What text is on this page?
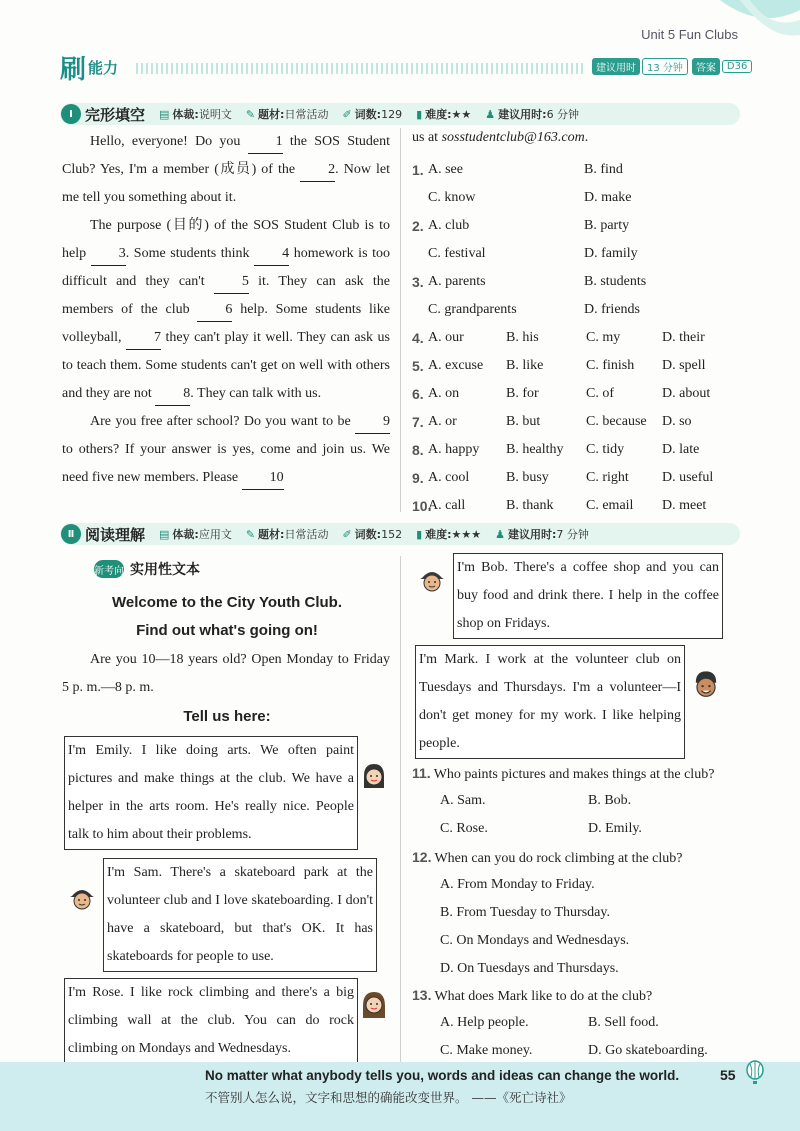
Unit 5 Fun Clubs
刷 能力	建议用时	13 分钟	答案	D36
Ⅰ 完形填空 ▤ 体裁:说明文 ✎ 题材:日常活动 ✐ 词数:129 ▮ 难度:★★ ♟ 建议用时:6 分钟

Hello, everyone! Do you 1 the SOS Student Club? Yes, I'm a member (成员) of the 2. Now let me tell you something about it.

The purpose (目的) of the SOS Student Club is to help 3. Some students think 4 homework is too difficult and they can't 5 it. They can ask the members of the club 6 help. Some students like volleyball, 7 they can't play it well. They can ask us to teach them. Some students can't get on well with others and they are not 8. They can talk with us.

Are you free after school? Do you want to be 9 to others? If your answer is yes, come and join us. We need five new members. Please 10

us at sosstudentclub@163.com.
1. A. see	B. find
C. know	D. make
2. A. club	B. party
C. festival	D. family
3. A. parents	B. students
C. grandparents	D. friends
4. A. our	B. his	C. my	D. their
5. A. excuse B. like	C. finish D. spell
6. A. on	B. for	C. of	D. about
7. A. or	B. but	C. because D. so
8. A. happy B. healthy C. tidy	D. late
9. A. cool	B. busy	C. right D. useful
10.
A. call	B. thank C. email D. meet
Ⅱ 阅读理解 ▤ 体裁:应用文 ✎ 题材:日常活动 ✐ 词数:152 ▮ 难度:★★★ ♟ 建议用时:7 分钟
新考向 实用性文本
Welcome to the City Youth Club.
Find out what's going on!
Are you 10—18 years old? Open Monday to Friday 5 p. m.—8 p. m.
Tell us here:
I'm Emily. I like doing arts. We often paint pictures and make things at the club. We have a helper in the arts room. He's really nice. People talk to him about their problems.
I'm Sam. There's a skateboard park at the volunteer club and I love skateboarding. I don't have a skateboard, but that's OK. It has skateboards for people to use.
I'm Rose. I like rock climbing and there's a big climbing wall at the club. You can do rock climbing on Mondays and Wednesdays.
I'm Bob. There's a coffee shop and you can buy food and drink there. I help in the coffee shop on Fridays.
I'm Mark. I work at the volunteer club on Tuesdays and Thursdays. I'm a volunteer—I don't get money for my work. I like helping people.
11. Who paints pictures and makes things at the club?
A. Sam.	B. Bob.
C. Rose.	D. Emily.
12. When can you do rock climbing at the club?
A. From Monday to Friday.
B. From Tuesday to Thursday.
C. On Mondays and Wednesdays.
D. On Tuesdays and Thursdays.
13. What does Mark like to do at the club?
A. Help people.	B. Sell food.
C. Make money.	D. Go skateboarding.
No matter what anybody tells you, words and ideas can change the world.
不管别人怎么说，文字和思想的确能改变世界。 ——《死亡诗社》
55
